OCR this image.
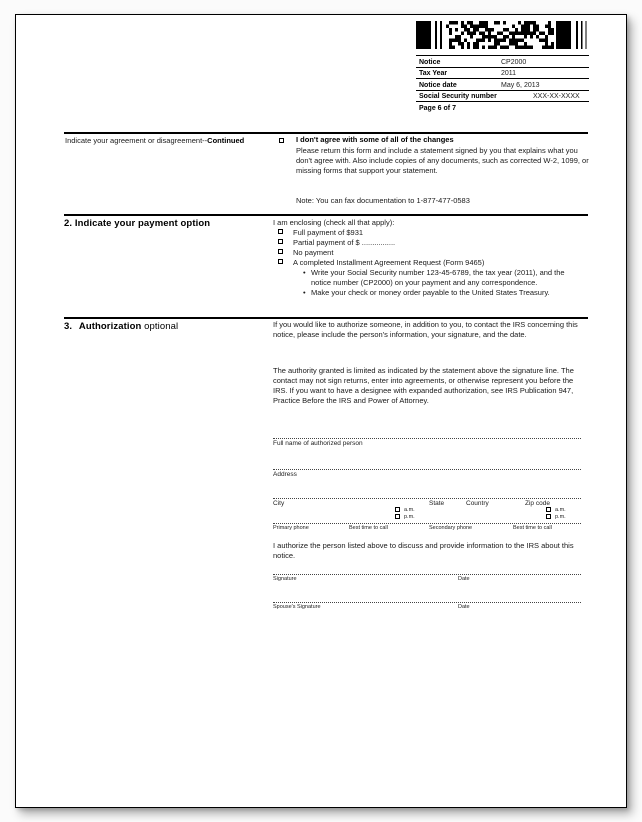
Notice	CP2000
Tax Year	2011
Notice date	May 6, 2013
Social Security number	XXX-XX-XXXX
Page 6 of 7
Indicate your agreement or disagreement--Continued	I don't agree with some of all of the changes
Please return this form and include a statement signed by you that explains what you don't agree with. Also include copies of any documents, such as corrected W-2, 1099, or missing forms that support your statement.
Note: You can fax documentation to 1-877-477-0583
2. Indicate your payment option	I am enclosing (check all that apply):
Full payment of $931
Partial payment of $ ................
No payment
A completed Installment Agreement Request (Form 9465)
• Write your Social Security number 123-45-6789, the tax year (2011), and the notice number (CP2000) on your payment and any correspondence.
• Make your check or money order payable to the United States Treasury.
3. Authorization optional	If you would like to authorize someone, in addition to you, to contact the IRS concerning this notice, please include the person's information, your signature, and the date.
The authority granted is limited as indicated by the statement above the signature line. The contact may not sign returns, enter into agreements, or otherwise represent you before the IRS. If you want to have a designee with expanded authorization, see IRS Publication 947, Practice Before the IRS and Power of Attorney.
Full name of authorized person
Address
City	State	Country	Zip code
a.m.
p.m.
a.m.
p.m.
Primary phone	Best time to call	Secondary phone	Best time to call
I authorize the person listed above to discuss and provide information to the IRS about this notice.
Signature	Date
Spouse's Signature	Date
